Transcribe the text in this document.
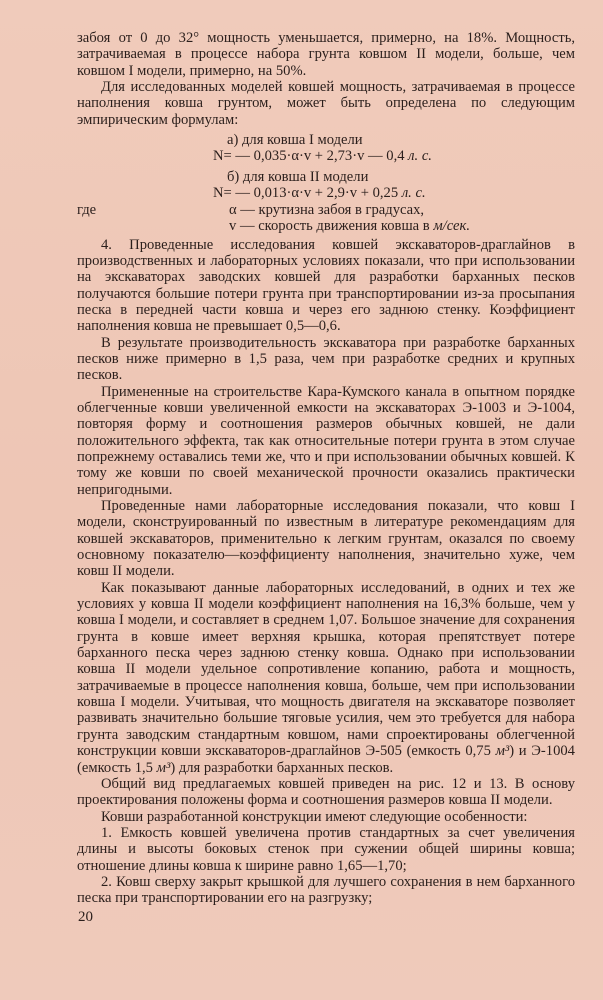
забоя от 0 до 32° мощность уменьшается, примерно, на 18%. Мощность, затрачиваемая в процессе набора грунта ковшом II модели, больше, чем ковшом I модели, примерно, на 50%.

Для исследованных моделей ковшей мощность, затрачиваемая в процессе наполнения ковша грунтом, может быть определена по следующим эмпирическим формулам:

а) для ковша I модели
N= — 0,035·α·v + 2,73·v — 0,4 л. с.
б) для ковша II модели
N= — 0,013·α·v + 2,9·v + 0,25 л. с.
где	α — крутизна забоя в градусах,
v — скорость движения ковша в м/сек.

4. Проведенные исследования ковшей экскаваторов-драглайнов в производственных и лабораторных условиях показали, что при использовании на экскаваторах заводских ковшей для разработки барханных песков получаются большие потери грунта при транспортировании из-за просыпания песка в передней части ковша и через его заднюю стенку. Коэффициент наполнения ковша не превышает 0,5—0,6.

В результате производительность экскаватора при разработке барханных песков ниже примерно в 1,5 раза, чем при разработке средних и крупных песков.

Примененные на строительстве Кара-Кумского канала в опытном порядке облегченные ковши увеличенной емкости на экскаваторах Э-1003 и Э-1004, повторяя форму и соотношения размеров обычных ковшей, не дали положительного эффекта, так как относительные потери грунта в этом случае попрежнему оставались теми же, что и при использовании обычных ковшей. К тому же ковши по своей механической прочности оказались практически непригодными.

Проведенные нами лабораторные исследования показали, что ковш I модели, сконструированный по известным в литературе рекомендациям для ковшей экскаваторов, применительно к легким грунтам, оказался по своему основному показателю—коэффициенту наполнения, значительно хуже, чем ковш II модели.

Как показывают данные лабораторных исследований, в одних и тех же условиях у ковша II модели коэффициент наполнения на 16,3% больше, чем у ковша I модели, и составляет в среднем 1,07. Большое значение для сохранения грунта в ковше имеет верхняя крышка, которая препятствует потере барханного песка через заднюю стенку ковша. Однако при использовании ковша II модели удельное сопротивление копанию, работа и мощность, затрачиваемые в процессе наполнения ковша, больше, чем при использовании ковша I модели. Учитывая, что мощность двигателя на экскаваторе позволяет развивать значительно большие тяговые усилия, чем это требуется для набора грунта заводским стандартным ковшом, нами спроектированы облегченной конструкции ковши экскаваторов-драглайнов Э-505 (емкость 0,75 м³) и Э-1004 (емкость 1,5 м³) для разработки барханных песков.

Общий вид предлагаемых ковшей приведен на рис. 12 и 13. В основу проектирования положены форма и соотношения размеров ковша II модели.

Ковши разработанной конструкции имеют следующие особенности:

1. Емкость ковшей увеличена против стандартных за счет увеличения длины и высоты боковых стенок при сужении общей ширины ковша; отношение длины ковша к ширине равно 1,65—1,70;

2. Ковш сверху закрыт крышкой для лучшего сохранения в нем барханного песка при транспортировании его на разгрузку;

20
